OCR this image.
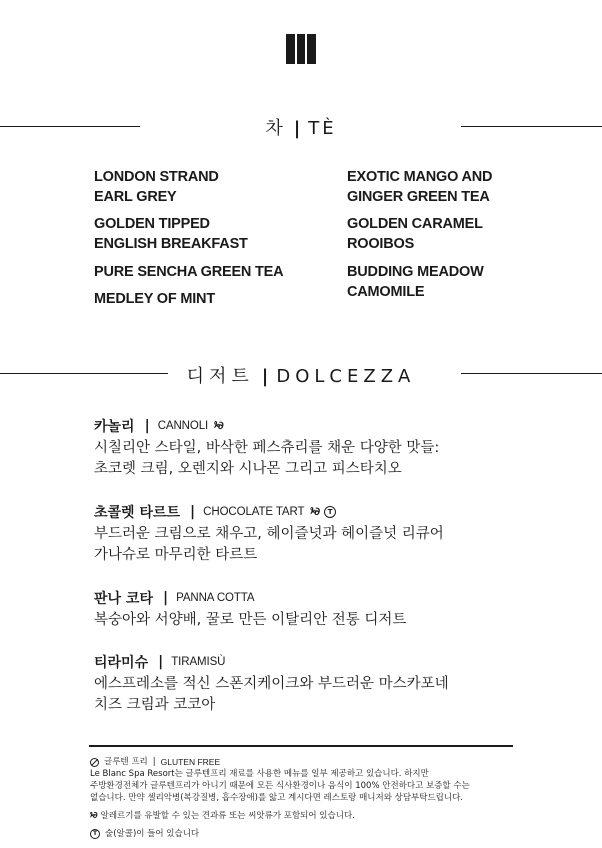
차 | TÈ
LONDON STRAND
EARL GREY
GOLDEN TIPPED
ENGLISH BREAKFAST
PURE SENCHA GREEN TEA
MEDLEY OF MINT
EXOTIC MANGO AND
GINGER GREEN TEA
GOLDEN CARAMEL
ROOIBOS
BUDDING MEADOW
CAMOMILE
디저트 | DOLCEZZA
카놀리 | CANNOLI ⰳ∂
시칠리안 스타일, 바삭한 페스츄리를 채운 다양한 맛들:
초코렛 크림, 오렌지와 시나몬 그리고 피스타치오
초콜렛 타르트 | CHOCOLATE TART ⰳ∂	T
부드러운 크림으로 채우고, 헤이즐넛과 헤이즐넛 리큐어
가나슈로 마무리한 타르트
판나 코타 | PANNA COTTA
복숭아와 서양배, 꿀로 만든 이탈리안 전통 디저트
티라미슈 | TIRAMISÙ
에스프레소를 적신 스폰지케이크와 부드러운 마스카포네
치즈 크림과 코코아
글루텐 프리 | GLUTEN FREE
Le Blanc Spa Resort는 글루텐프리 재료를 사용한 메뉴를 일부 제공하고 있습니다. 하지만
주방환경전체가 글루텐프리가 아니기 때문에 모든 식사환경이나 음식이 100% 안전하다고 보증할 수는
없습니다. 만약 셀리악병(복강질병, 흡수장애)를 앓고 계시다면 레스토랑 매니저와 상담부탁드립니다.
ⰳ∂ 알레르기를 유발할 수 있는 견과류 또는 씨앗류가 포함되어 있습니다.
T 술(알콜)이 들어 있습니다
